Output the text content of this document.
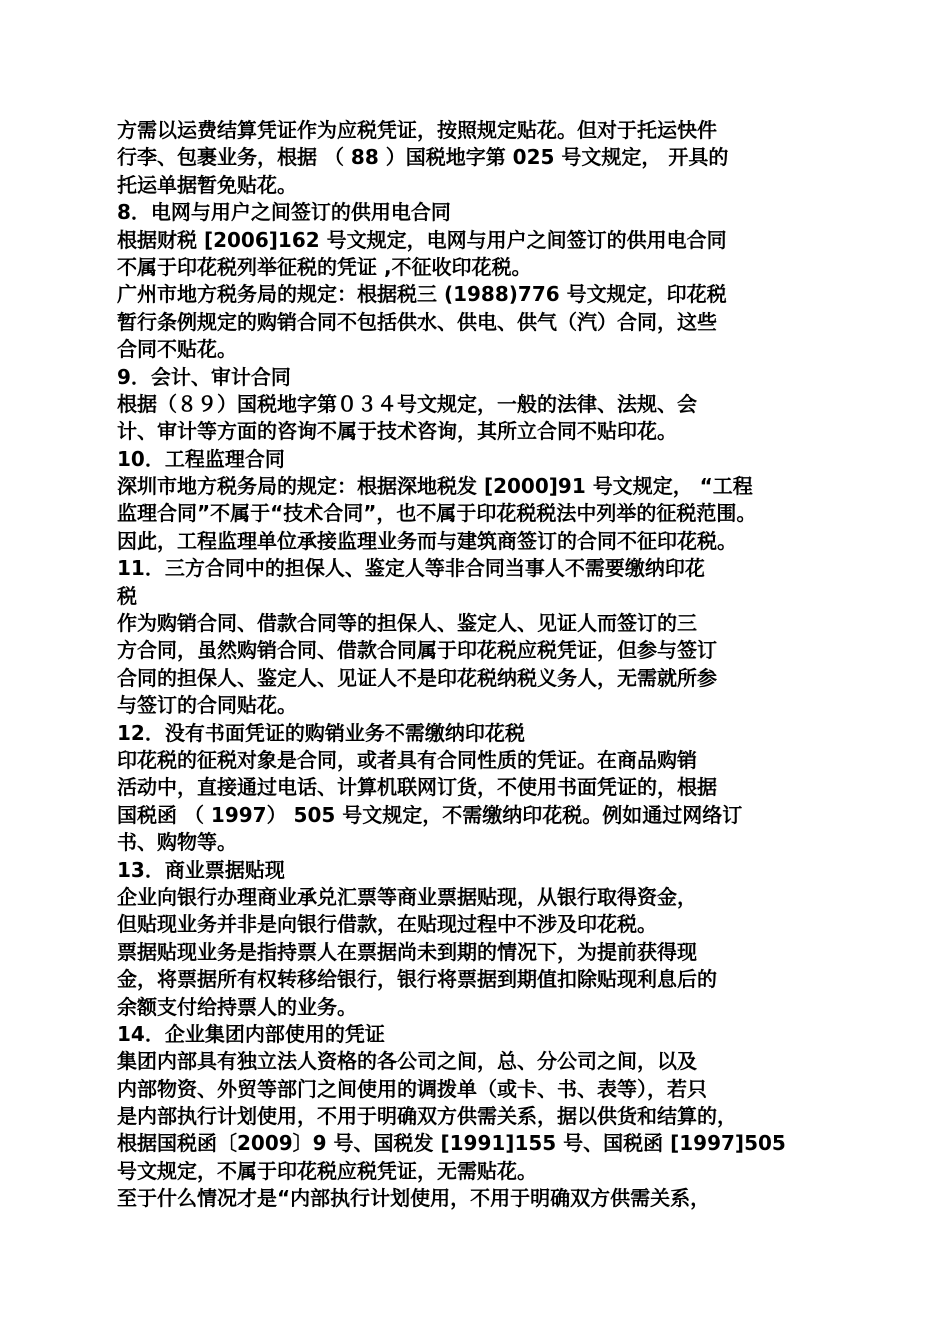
方需以运费结算凭证作为应税凭证，按照规定贴花。但对于托运快件
行李、包裹业务，根据 （ 88 ）国税地字第 025 号文规定， 开具的
托运单据暂免贴花。
8．电网与用户之间签订的供用电合同
根据财税 [2006]162 号文规定，电网与用户之间签订的供用电合同
不属于印花税列举征税的凭证 ,不征收印花税。
广州市地方税务局的规定：根据税三 (1988)776 号文规定，印花税
暂行条例规定的购销合同不包括供水、供电、供气（汽）合同，这些
合同不贴花。
9．会计、审计合同
根据（８９）国税地字第０３４号文规定，一般的法律、法规、会
计、审计等方面的咨询不属于技术咨询，其所立合同不贴印花。
10．工程监理合同
深圳市地方税务局的规定：根据深地税发 [2000]91 号文规定， “工程
监理合同”不属于“技术合同”，也不属于印花税税法中列举的征税范围。
因此，工程监理单位承接监理业务而与建筑商签订的合同不征印花税。
11．三方合同中的担保人、鉴定人等非合同当事人不需要缴纳印花
税
作为购销合同、借款合同等的担保人、鉴定人、见证人而签订的三
方合同，虽然购销合同、借款合同属于印花税应税凭证，但参与签订
合同的担保人、鉴定人、见证人不是印花税纳税义务人，无需就所参
与签订的合同贴花。
12．没有书面凭证的购销业务不需缴纳印花税
印花税的征税对象是合同，或者具有合同性质的凭证。在商品购销
活动中，直接通过电话、计算机联网订货，不使用书面凭证的，根据
国税函 （ 1997） 505 号文规定，不需缴纳印花税。例如通过网络订
书、购物等。
13．商业票据贴现
企业向银行办理商业承兑汇票等商业票据贴现，从银行取得资金，
但贴现业务并非是向银行借款，在贴现过程中不涉及印花税。
票据贴现业务是指持票人在票据尚未到期的情况下，为提前获得现
金，将票据所有权转移给银行，银行将票据到期值扣除贴现利息后的
余额支付给持票人的业务。
14．企业集团内部使用的凭证
集团内部具有独立法人资格的各公司之间，总、分公司之间，以及
内部物资、外贸等部门之间使用的调拨单（或卡、书、表等），若只
是内部执行计划使用，不用于明确双方供需关系，据以供货和结算的，
根据国税函〔2009〕9 号、国税发 [1991]155 号、国税函 [1997]505
号文规定，不属于印花税应税凭证，无需贴花。
至于什么情况才是“内部执行计划使用，不用于明确双方供需关系，
